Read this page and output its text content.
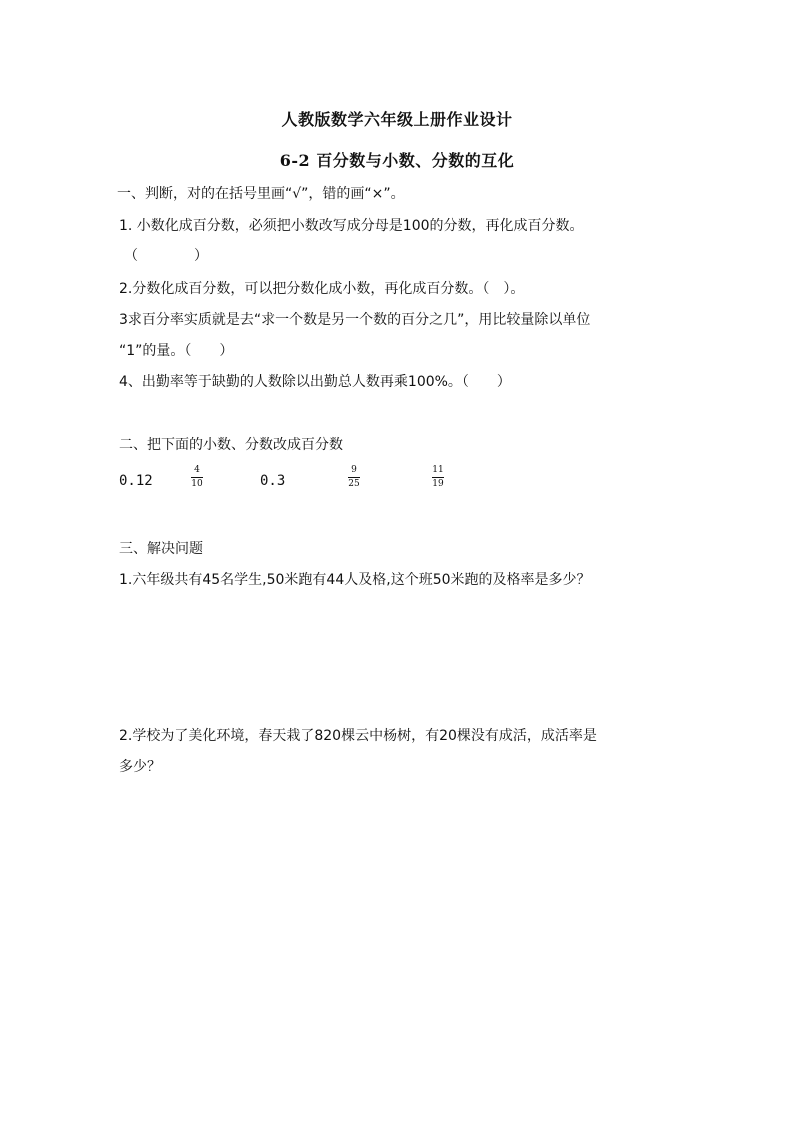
人教版数学六年级上册作业设计
6-2 百分数与小数、分数的互化
一、判断，对的在括号里画“√”，错的画“×”。
1. 小数化成百分数，必须把小数改写成分母是100的分数，再化成百分数。
（　　　　）
2.分数化成百分数，可以把分数化成小数，再化成百分数。（　）。
3求百分率实质就是去“求一个数是另一个数的百分之几”，用比较量除以单位
“1”的量。（　　）
4、出勤率等于缺勤的人数除以出勤总人数再乘100%。（　　）
二、把下面的小数、分数改成百分数
0.12
4
10	0.3
9
25
11
19
三、解决问题
1.六年级共有45名学生,50米跑有44人及格,这个班50米跑的及格率是多少？
2.学校为了美化环境，春天栽了820棵云中杨树，有20棵没有成活，成活率是
多少？
